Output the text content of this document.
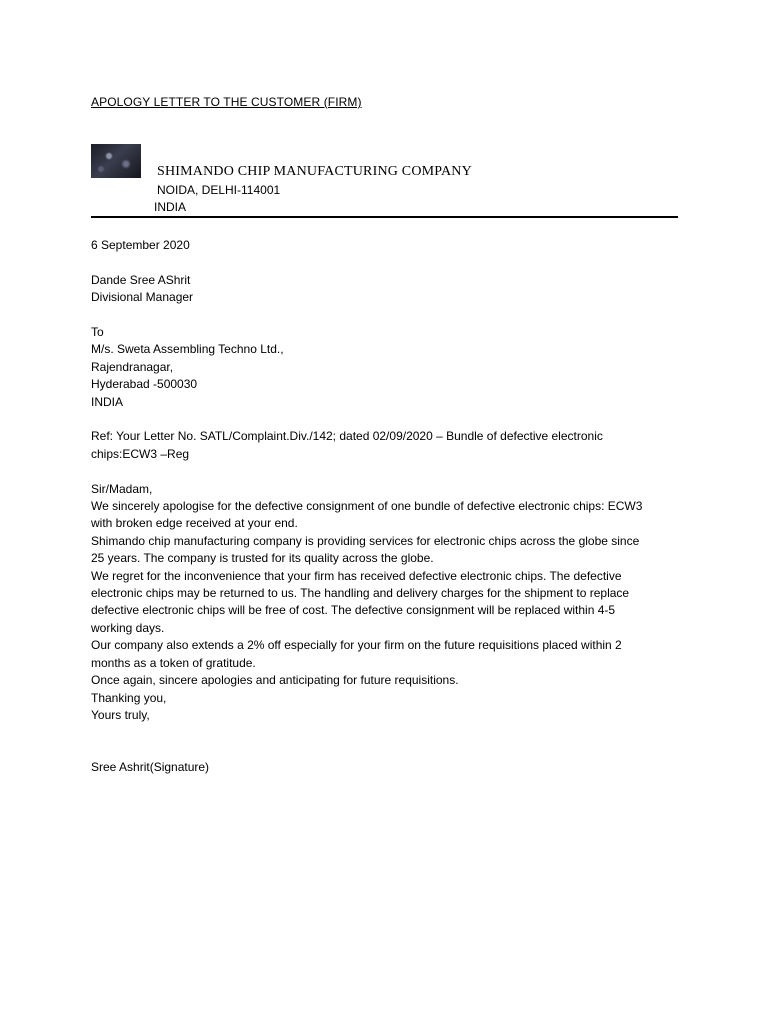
APOLOGY LETTER TO THE CUSTOMER (FIRM)
SHIMANDO CHIP MANUFACTURING COMPANY
NOIDA, DELHI-114001
INDIA
6 September 2020
Dande Sree AShrit
Divisional Manager
To
M/s. Sweta Assembling Techno Ltd.,
Rajendranagar,
Hyderabad -500030
INDIA
Ref: Your Letter No. SATL/Complaint.Div./142; dated 02/09/2020 – Bundle of defective electronic
chips:ECW3 –Reg
Sir/Madam,
We sincerely apologise for the defective consignment of one bundle of defective electronic chips: ECW3
with broken edge received at your end.
Shimando chip manufacturing company is providing services for electronic chips across the globe since
25 years. The company is trusted for its quality across the globe.
We regret for the inconvenience that your firm has received defective electronic chips. The defective
electronic chips may be returned to us. The handling and delivery charges for the shipment to replace
defective electronic chips will be free of cost. The defective consignment will be replaced within 4-5
working days.
Our company also extends a 2% off especially for your firm on the future requisitions placed within 2
months as a token of gratitude.
Once again, sincere apologies and anticipating for future requisitions.
Thanking you,
Yours truly,
Sree Ashrit(Signature)
